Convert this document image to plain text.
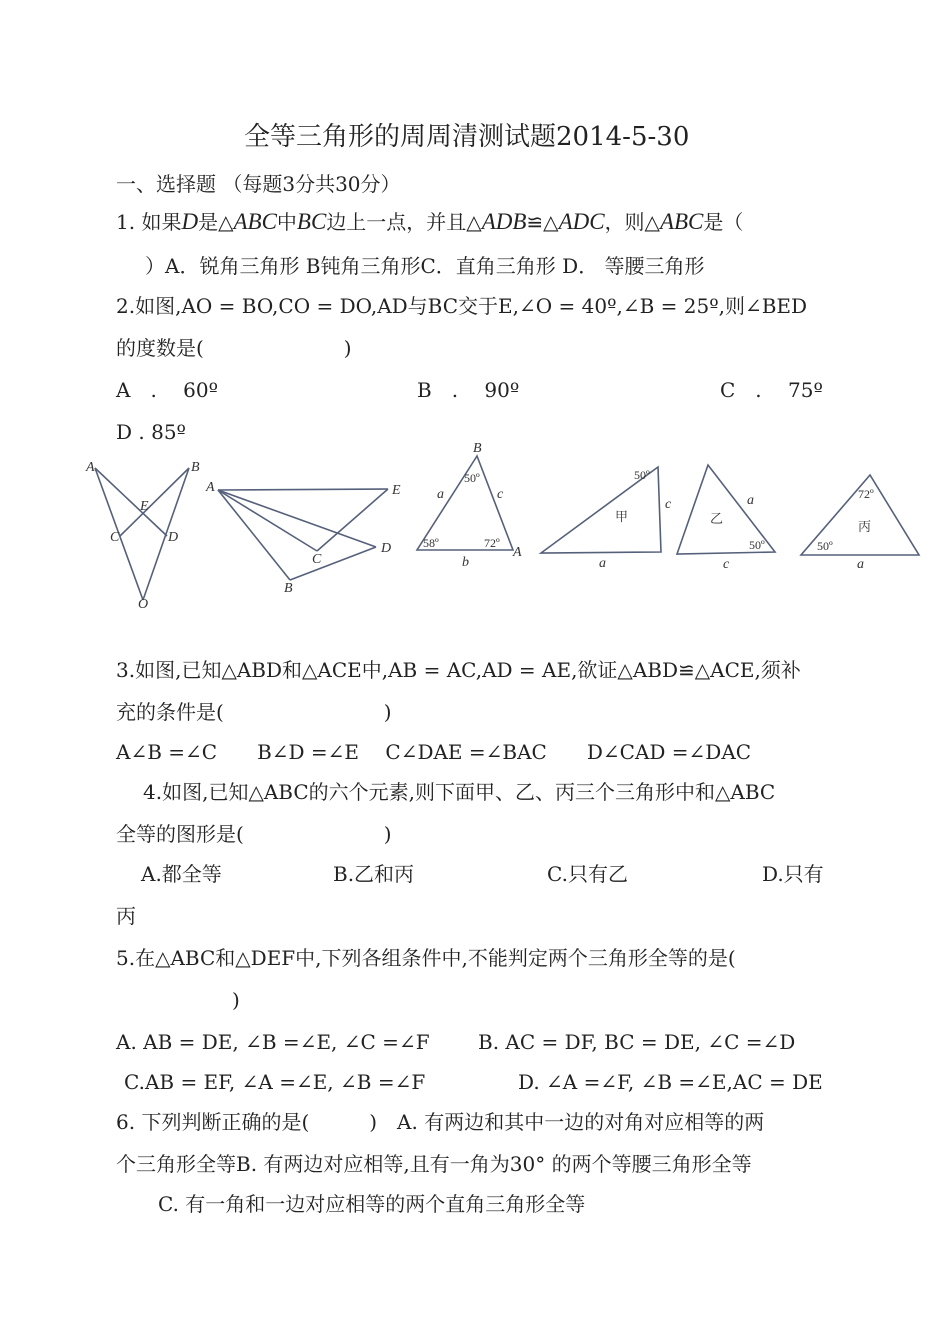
全等三角形的周周清测试题2014-5-30
一、选择题 （每题3分共30分）
1. 如果D是△ABC中BC边上一点，并且△ADB≌△ADC，则△ABC是（
）A．锐角三角形 B钝角三角形C．直角三角形 D． 等腰三角形
2.如图,AO = BO,CO = DO,AD与BC交于E,∠O = 40º,∠B = 25º,则∠BED
的度数是(　　　　　　　)
A　.　 60º	B　.　 90º	C　.　 75º
D . 85º
A	B
E
C	D
O
A	E
C
D
B
B
50º
a	c
58º	72º
A
b
50º
甲
c
a
a
乙
50º
c
72º
丙
50º
a
3.如图,已知△ABD和△ACE中,AB = AC,AD = AE,欲证△ABD≌△ACE,须补
充的条件是(　　　　　　　　)
A∠B =∠C　　B∠D =∠E　 C∠DAE =∠BAC　　D∠CAD =∠DAC
4.如图,已知△ABC的六个元素,则下面甲、乙、丙三个三角形中和△ABC
全等的图形是(　　　　　　　)
A.都全等	B.乙和丙	C.只有乙	D.只有
丙
5.在△ABC和△DEF中,下列各组条件中,不能判定两个三角形全等的是(
)
A. AB = DE, ∠B =∠E, ∠C =∠F B. AC = DF, BC = DE, ∠C =∠D
C.AB = EF, ∠A =∠E, ∠B =∠F	D. ∠A =∠F, ∠B =∠E,AC = DE
6. 下列判断正确的是(　　　)　A. 有两边和其中一边的对角对应相等的两
个三角形全等B. 有两边对应相等,且有一角为30° 的两个等腰三角形全等
C. 有一角和一边对应相等的两个直角三角形全等
